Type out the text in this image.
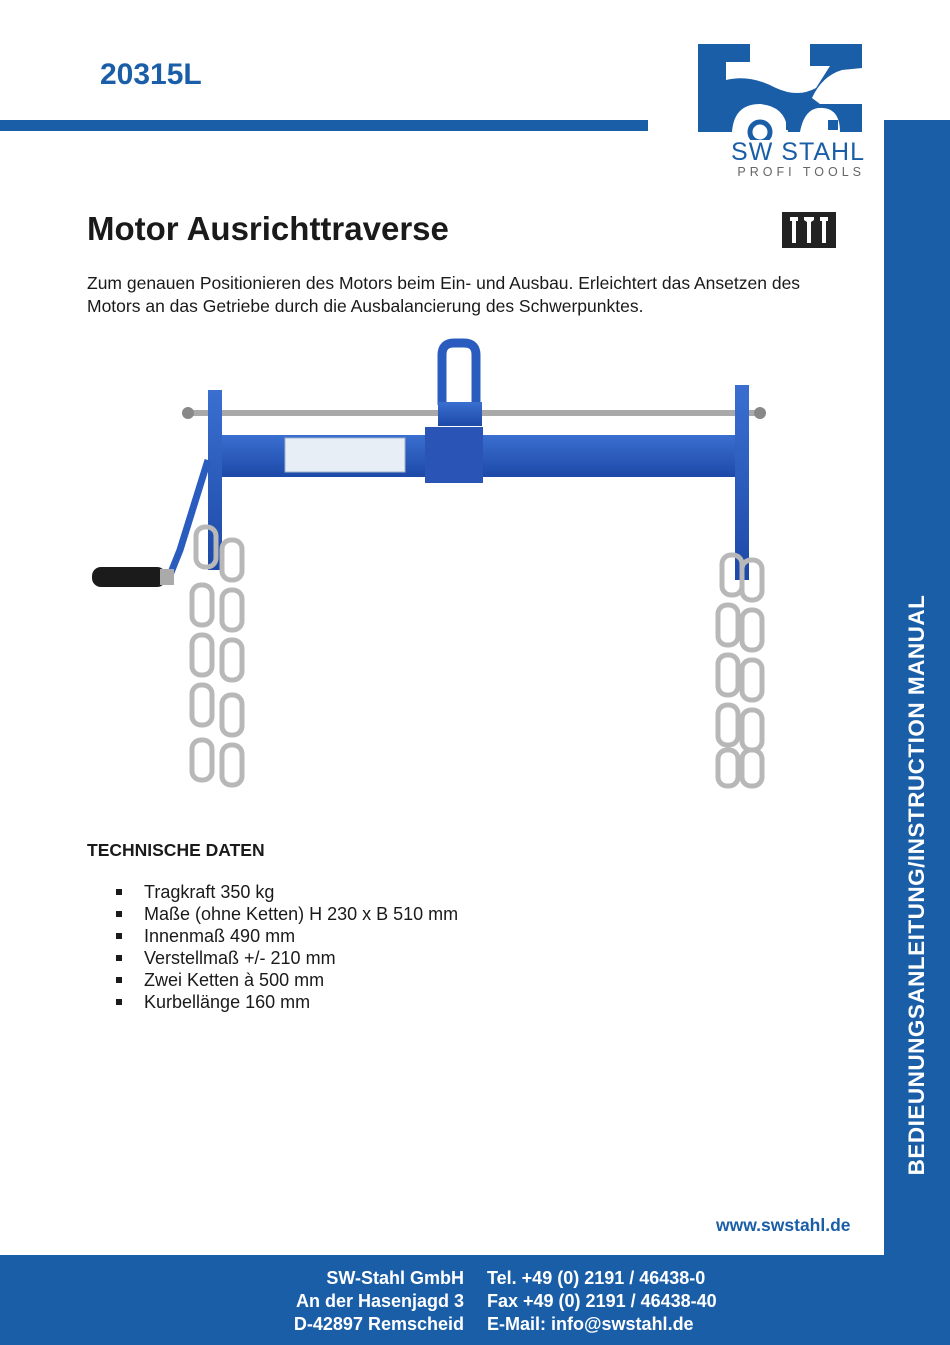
20315L
BEDIEUNUNGSANLEITUNG/INSTRUCTION MANUAL
SW STAHL
PROFI TOOLS
Motor Ausrichttraverse
Zum genauen Positionieren des Motors beim Ein- und Ausbau. Erleichtert das Ansetzen des Motors an das Getriebe durch die Ausbalancierung des Schwerpunktes.
TECHNISCHE DATEN
Tragkraft 350 kg
Maße (ohne Ketten) H 230 x B 510 mm
Innenmaß 490 mm
Verstellmaß +/- 210 mm
Zwei Ketten à 500 mm
Kurbellänge 160 mm
www.swstahl.de
SW-Stahl GmbH
An der Hasenjagd 3
D-42897 Remscheid
Tel. +49 (0) 2191 / 46438-0
Fax +49 (0) 2191 / 46438-40
E-Mail: info@swstahl.de
